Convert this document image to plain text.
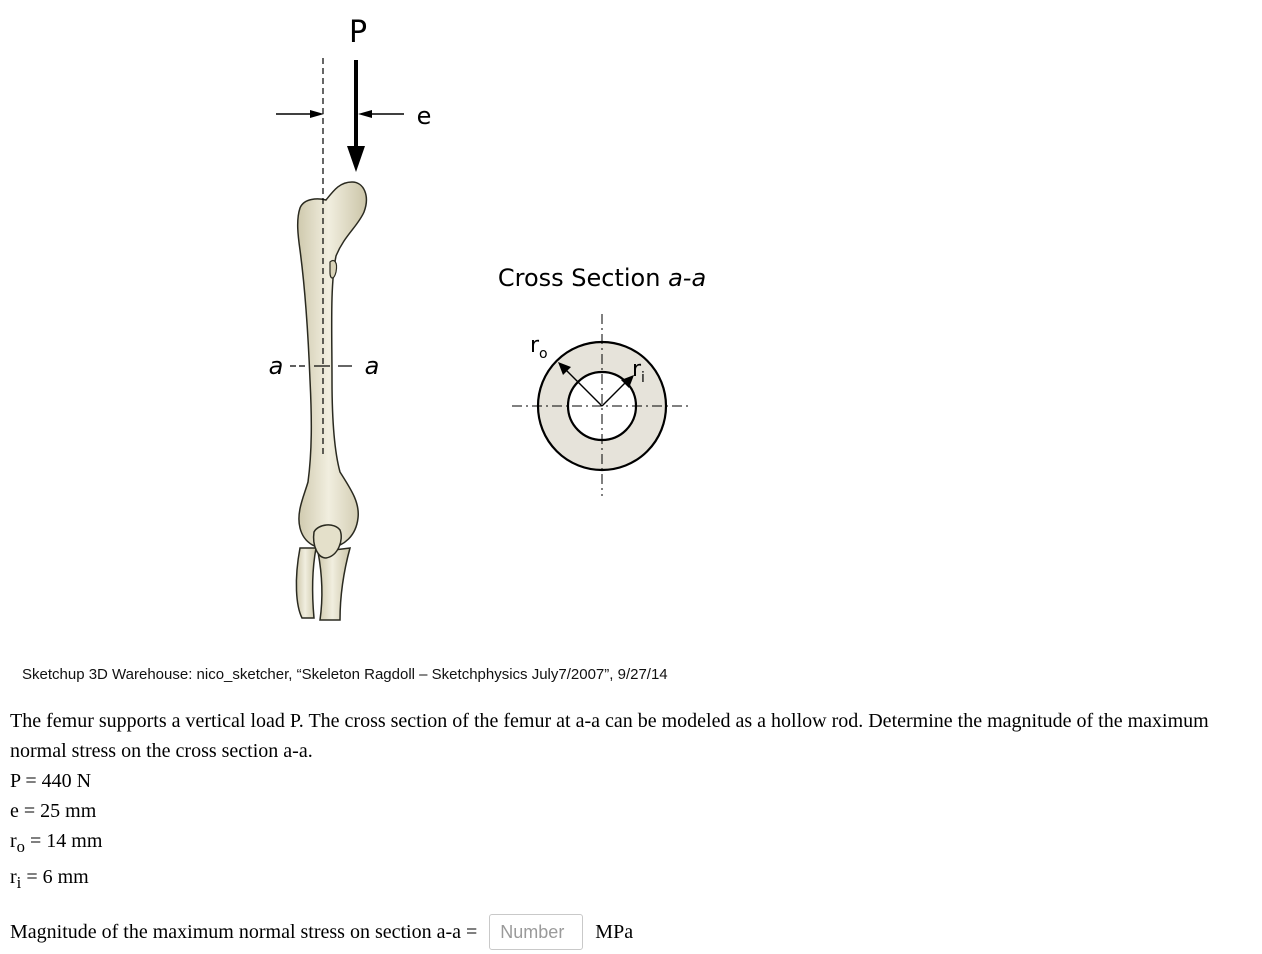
P
e
a	a
Cross Section a-a
$r_o$
$r_i$
Sketchup 3D Warehouse: nico_sketcher, “Skeleton Ragdoll – Sketchphysics July7/2007”, 9/27/14

The femur supports a vertical load P. The cross section of the femur at a-a can be modeled as a hollow rod. Determine the magnitude of the maximum normal stress on the cross section a-a.

P = 440 N
e = 25 mm
$r_o = 14$ mm
$r_i = 6$ mm
Magnitude of the maximum normal stress on section a-a =
Number	MPa
